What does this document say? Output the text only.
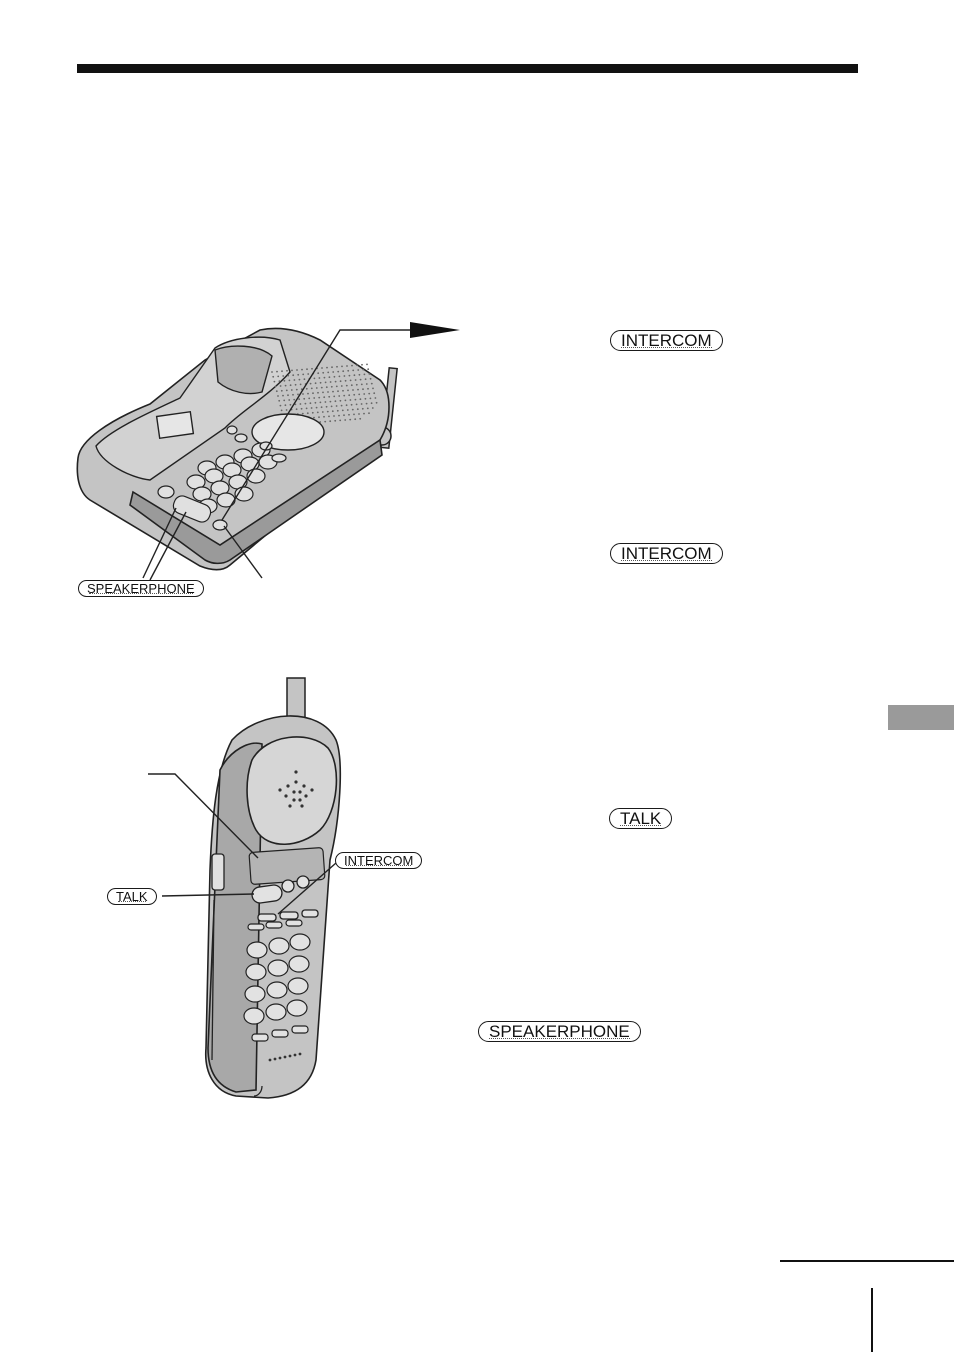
SPEAKERPHONE
INTERCOM
TALK
INTERCOM
INTERCOM
TALK
SPEAKERPHONE
